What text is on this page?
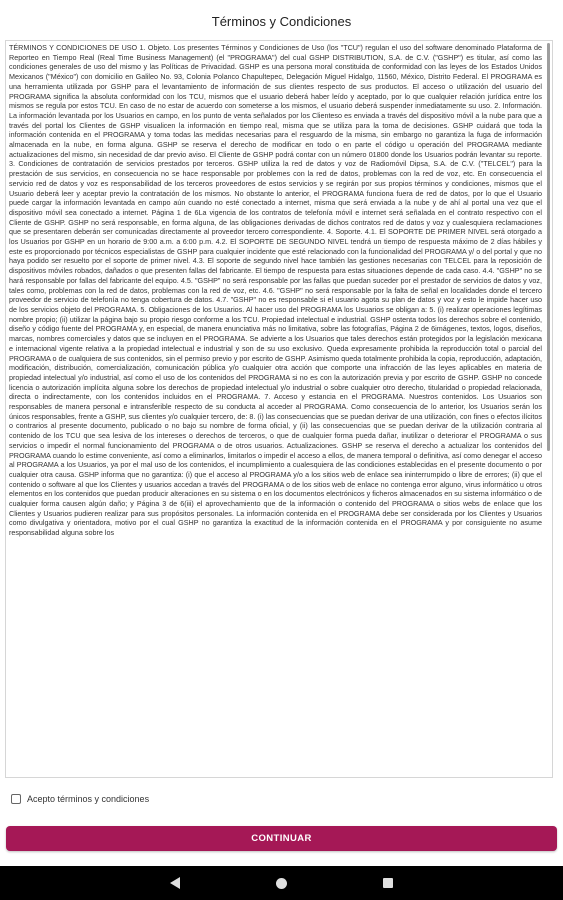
Términos y Condiciones
TÉRMINOS Y CONDICIONES DE USO 1. Objeto. Los presentes Términos y Condiciones de Uso (los "TCU") regulan el uso del software denominado Plataforma de Reporteo en Tiempo Real (Real Time Business Management) (el "PROGRAMA") del cual GSHP DISTRIBUTION, S.A. de C.V. ("GSHP") es titular, así como las condiciones generales de uso del mismo y las Políticas de Privacidad. GSHP es una persona moral constituida de conformidad con las leyes de los Estados Unidos Mexicanos ("México") con domicilio en Galileo No. 93, Colonia Polanco Chapultepec, Delegación Miguel Hidalgo, 11560, México, Distrito Federal. El PROGRAMA es una herramienta utilizada por GSHP para el levantamiento de información de sus clientes respecto de sus productos. El acceso o utilización del usuario del PROGRAMA significa la absoluta conformidad con los TCU, mismos que el usuario deberá haber leído y aceptado, por lo que cualquier relación jurídica entre los mismos se regula por estos TCU. En caso de no estar de acuerdo con someterse a los mismos, el usuario deberá suspender inmediatamente su uso. 2. Información. La información levantada por los Usuarios en campo, en los punto de venta señalados por los Clienteso es enviada a través del dispositivo móvil a la nube para que a través del portal los Clientes de GSHP visualicen la información en tiempo real, misma que se utiliza para la toma de decisiones. GSHP cuidará que toda la información contenida en el PROGRAMA y toma todas las medidas necesarias para el resguardo de la misma, sin embargo no garantiza la fuga de información almacenada en la nube, en forma alguna. GSHP se reserva el derecho de modificar en todo o en parte el código u operación del PROGRAMA mediante actualizaciones del mismo, sin necesidad de dar previo aviso. El Cliente de GSHP podrá contar con un número 01800 donde los Usuarios podrán levantar su reporte. 3. Condiciones de contratación de servicios prestados por terceros. GSHP utiliza la red de datos y voz de Radiomóvil Dipsa, S.A. de C.V. ("TELCEL") para la prestación de sus servicios, en consecuencia no se hace responsable por problemes con la red de datos, problemas con la red de voz, etc. En consecuencia el servicio red de datos y voz es responsabilidad de los terceros proveedores de estos servicios y se regirán por sus propios términos y condiciones, mismos que el Usuario deberá leer y aceptar previo la contratación de los mismos. No obstante lo anterior, el PROGRAMA funciona fuera de red de datos, por lo que el Usuario puede cargar la información levantada en campo aún cuando no esté conectado a internet, misma que será enviada a la nube y de ahí al portal una vez que el dispositivo móvil sea conectado a internet. Página 1 de 6La vigencia de los contratos de telefonía móvil e internet será señalada en el contrato respectivo con el Cliente de GSHP. GSHP no será responsable, en forma alguna, de las obligaciones derivadas de dichos contratos red de datos y voz y cualesquiera reclamaciones que se presentaren deberán ser comunicadas directamente al proveedor tercero correspondiente. 4. Soporte. 4.1. El SOPORTE DE PRIMER NIVEL será otorgado a los Usuarios por GSHP en un horario de 9:00 a.m. a 6:00 p.m. 4.2. El SOPORTE DE SEGUNDO NIVEL tendrá un tiempo de respuesta máximo de 2 días hábiles y este es proporcionado por técnicos especialistas de GSHP para cualquier incidente que esté relacionado con la funcionalidad del PROGRAMA y/ o del portal y que no haya podido ser resuelto por el soporte de primer nivel. 4.3. El soporte de segundo nivel hace también las gestiones necesarias con TELCEL para la reposición de dispositivos móviles robados, dañados o que presenten fallas del fabricante. El tiempo de respuesta para estas situaciones depende de cada caso. 4.4. "GSHP" no se hará responsable por fallas del fabricante del equipo. 4.5. "GSHP" no será responsable por las fallas que puedan suceder por el prestador de servicios de datos y voz, tales como, problemas con la red de datos, problemas con la red de voz, etc. 4.6. "GSHP" no será responsable por la falta de señal en localidades donde el tercero proveedor de servicio de telefonía no tenga cobertura de datos. 4.7. "GSHP" no es responsable si el usuario agota su plan de datos y voz y esto le impide hacer uso de los servicios objeto del PROGRAMA. 5. Obligaciones de los Usuarios. Al hacer uso del PROGRAMA los Usuarios se obligan a: 5. (i) realizar operaciones legítimas nombre propio; (ii) utilizar la página bajo su propio riesgo conforme a los TCU. Propiedad intelectual e industrial. GSHP ostenta todos los derechos sobre el contenido, diseño y código fuente del PROGRAMA y, en especial, de manera enunciativa más no limitativa, sobre las fotografías, Página 2 de 6imágenes, textos, logos, diseños, marcas, nombres comerciales y datos que se incluyen en el PROGRAMA. Se advierte a los Usuarios que tales derechos están protegidos por la legislación mexicana e internacional vigente relativa a la propiedad intelectual e industrial y son de su uso exclusivo. Queda expresamente prohibida la reproducción total o parcial del PROGRAMA o de cualquiera de sus contenidos, sin el permiso previo y por escrito de GSHP. Asimismo queda totalmente prohibida la copia, reproducción, adaptación, modificación, distribución, comercialización, comunicación pública y/o cualquier otra acción que comporte una infracción de las leyes aplicables en materia de propiedad intelectual y/o industrial, así como el uso de los contenidos del PROGRAMA si no es con la autorización previa y por escrito de GSHP. GSHP no concede licencia o autorización implícita alguna sobre los derechos de propiedad intelectual y/o industrial o sobre cualquier otro derecho, titularidad o propiedad relacionada, directa o indirectamente, con los contenidos incluidos en el PROGRAMA. 7. Acceso y estancia en el PROGRAMA. Nuestros contenidos. Los Usuarios son responsables de manera personal e intransferible respecto de su conducta al acceder al PROGRAMA. Como consecuencia de lo anterior, los Usuarios serán los únicos responsables, frente a GSHP, sus clientes y/o cualquier tercero, de: 8. (i) las consecuencias que se puedan derivar de una utilización, con fines o efectos ilícitos o contrarios al presente documento, publicado o no bajo su nombre de forma oficial, y (ii) las consecuencias que se puedan derivar de la utilización contraria al contenido de los TCU que sea lesiva de los intereses o derechos de terceros, o que de cualquier forma pueda dañar, inutilizar o deteriorar el PROGRAMA o sus servicios o impedir el normal funcionamiento del PROGRAMA o de otros usuarios. Actualizaciones. GSHP se reserva el derecho a actualizar los contenidos del PROGRAMA cuando lo estime conveniente, así como a eliminarlos, limitarlos o impedir el acceso a ellos, de manera temporal o definitiva, así como denegar el acceso al PROGRAMA a los Usuarios, ya por el mal uso de los contenidos, el incumplimiento a cualesquiera de las condiciones establecidas en el presente documento o por cualquier otra causa. GSHP informa que no garantiza: (i) que el acceso al PROGRAMA y/o a los sitios web de enlace sea ininterrumpido o libre de errores; (ii) que el contenido o software al que los Clientes y usuarios accedan a través del PROGRAMA o de los sitios web de enlace no contenga error alguno, virus informático u otros elementos en los contenidos que puedan producir alteraciones en su sistema o en los documentos electrónicos y ficheros almacenados en su sistema informático o de cualquier forma causen algún daño; y Página 3 de 6(iii) el aprovechamiento que de la información o contenido del PROGRAMA o sitios webs de enlace que los Clientes y Usuarios pudieren realizar para sus propósitos personales. La información contenida en el PROGRAMA debe ser considerada por los Clientes y Usuarios como divulgativa y orientadora, motivo por el cual GSHP no garantiza la exactitud de la información contenida en el PROGRAMA y por consiguiente no asume responsabilidad alguna sobre los
Acepto términos y condiciones
CONTINUAR
